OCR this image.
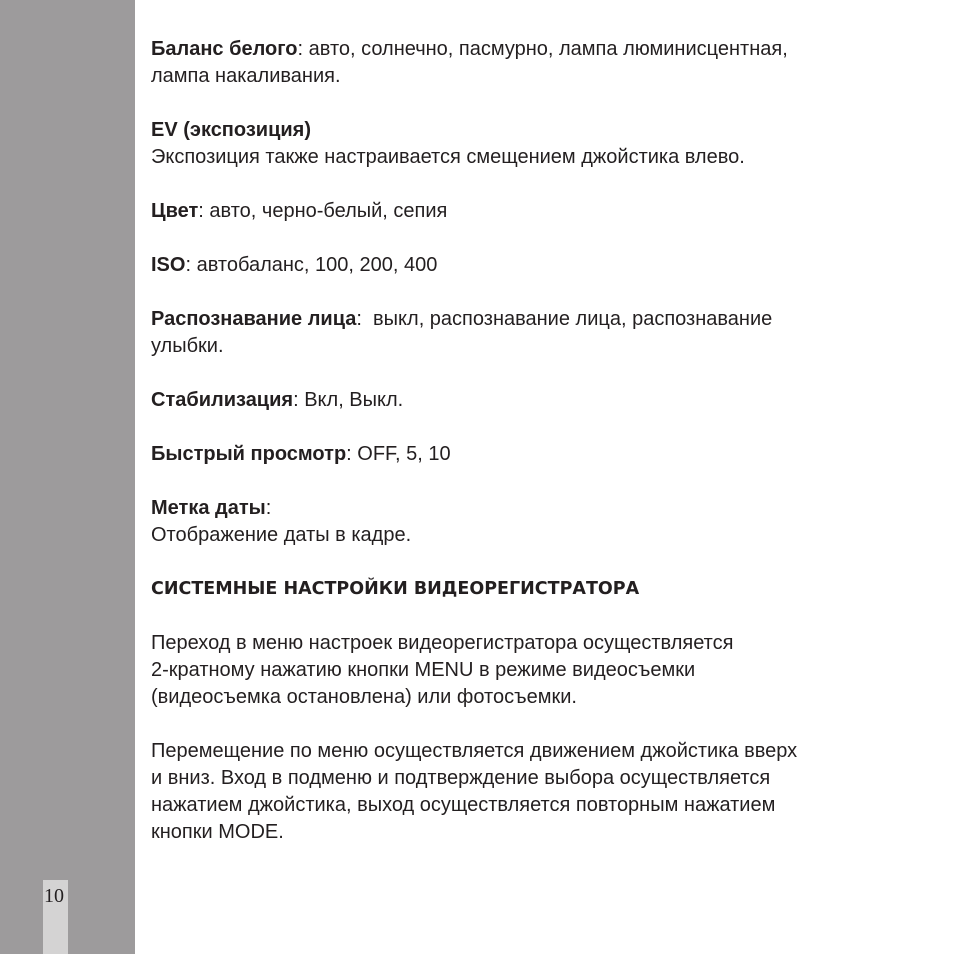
10

Баланс белого: авто, солнечно, пасмурно, лампа люминисцентная,
лампа накаливания.

EV (экспозиция)
Экспозиция также настраивается смещением джойстика влево.

Цвет: авто, черно-белый, сепия

ISO: автобаланс, 100, 200, 400

Распознавание лица:  выкл, распознавание лица, распознавание
улыбки.

Стабилизация: Вкл, Выкл.

Быстрый просмотр: OFF, 5, 10

Метка даты:
Отображение даты в кадре.

СИСТЕМНЫЕ НАСТРОЙКИ ВИДЕОРЕГИСТРАТОРА

Переход в меню настроек видеорегистратора осуществляется
2-кратному нажатию кнопки MENU в режиме видеосъемки
(видеосъемка остановлена) или фотосъемки.

Перемещение по меню осуществляется движением джойстика вверх
и вниз. Вход в подменю и подтверждение выбора осуществляется
нажатием джойстика, выход осуществляется повторным нажатием
кнопки MODE.
